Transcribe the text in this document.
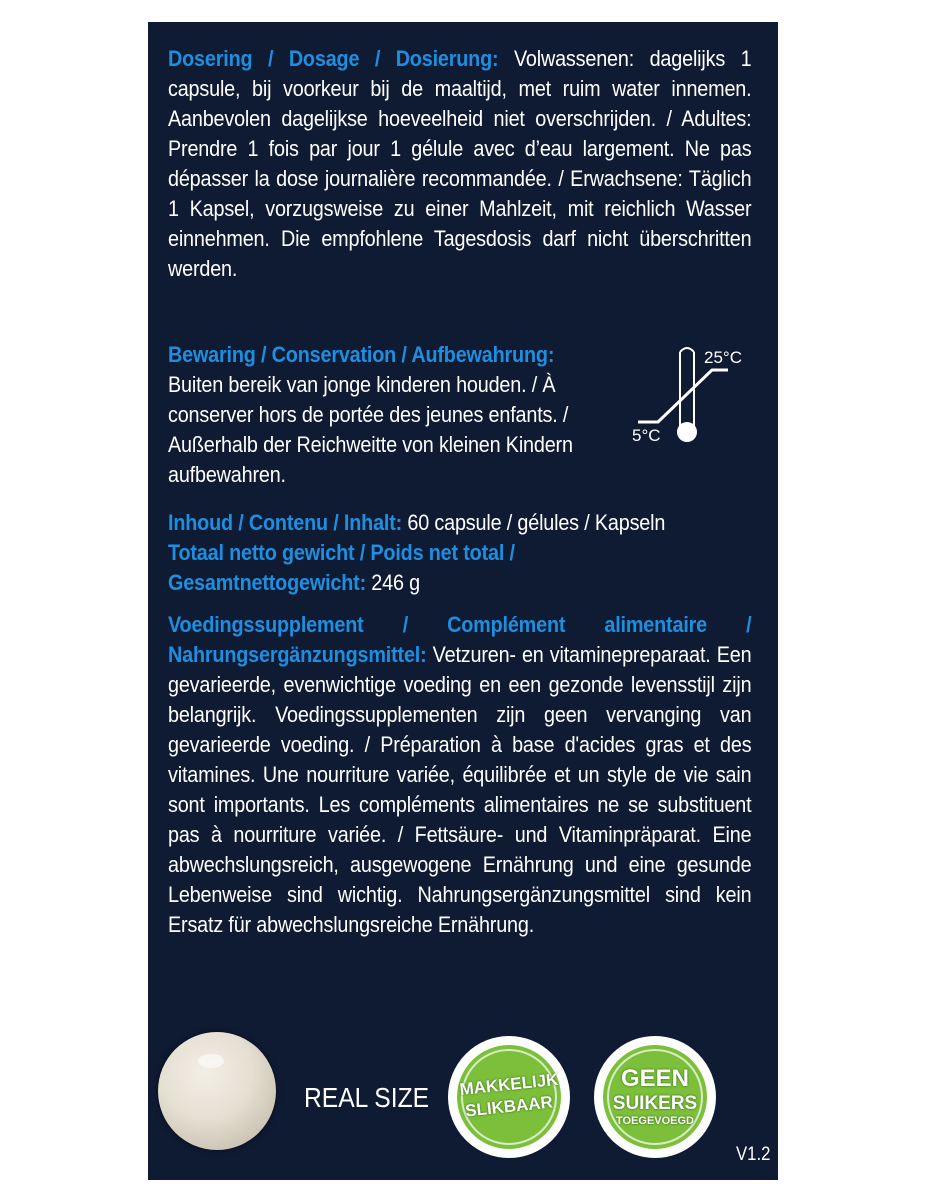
Dosering / Dosage / Dosierung: Volwassenen: dagelijks 1 capsule, bij voorkeur bij de maaltijd, met ruim water innemen. Aanbevolen dagelijkse hoeveelheid niet overschrijden. / Adultes: Prendre 1 fois par jour 1 gélule avec d’eau largement. Ne pas dépasser la dose journalière recommandée. / Erwachsene: Täglich 1 Kapsel, vorzugsweise zu einer Mahlzeit, mit reichlich Wasser einnehmen. Die empfohlene Tagesdosis darf nicht überschritten werden.
Bewaring / Conservation / Aufbewahrung:
Buiten bereik van jonge kinderen houden. / À conserver hors de portée des jeunes enfants. / Außerhalb der Reichweitte von kleinen Kindern aufbewahren.
25°C
5°C
Inhoud / Contenu / Inhalt: 60 capsule / gélules / Kapseln
Totaal netto gewicht / Poids net total /
Gesamtnettogewicht: 246 g
Voedingssupplement / Complément alimentaire / Nahrungsergänzungsmittel: Vetzuren- en vitaminepreparaat. Een gevarieerde, evenwichtige voeding en een gezonde levensstijl zijn belangrijk. Voedingssupplementen zijn geen vervanging van gevarieerde voeding. / Préparation à base d'acides gras et des vitamines. Une nourriture variée, équilibrée et un style de vie sain sont importants. Les compléments alimentaires ne se substituent pas à nourriture variée. / Fettsäure- und Vitaminpräparat. Eine abwechslungsreich, ausgewogene Ernährung und eine gesunde Lebenweise sind wichtig. Nahrungsergänzungsmittel sind kein Ersatz für abwechslungsreiche Ernährung.
REAL SIZE MAKKELIJK
SLIKBAAR
GEEN
SUIKERS
TOEGEVOEGD
V1.2
